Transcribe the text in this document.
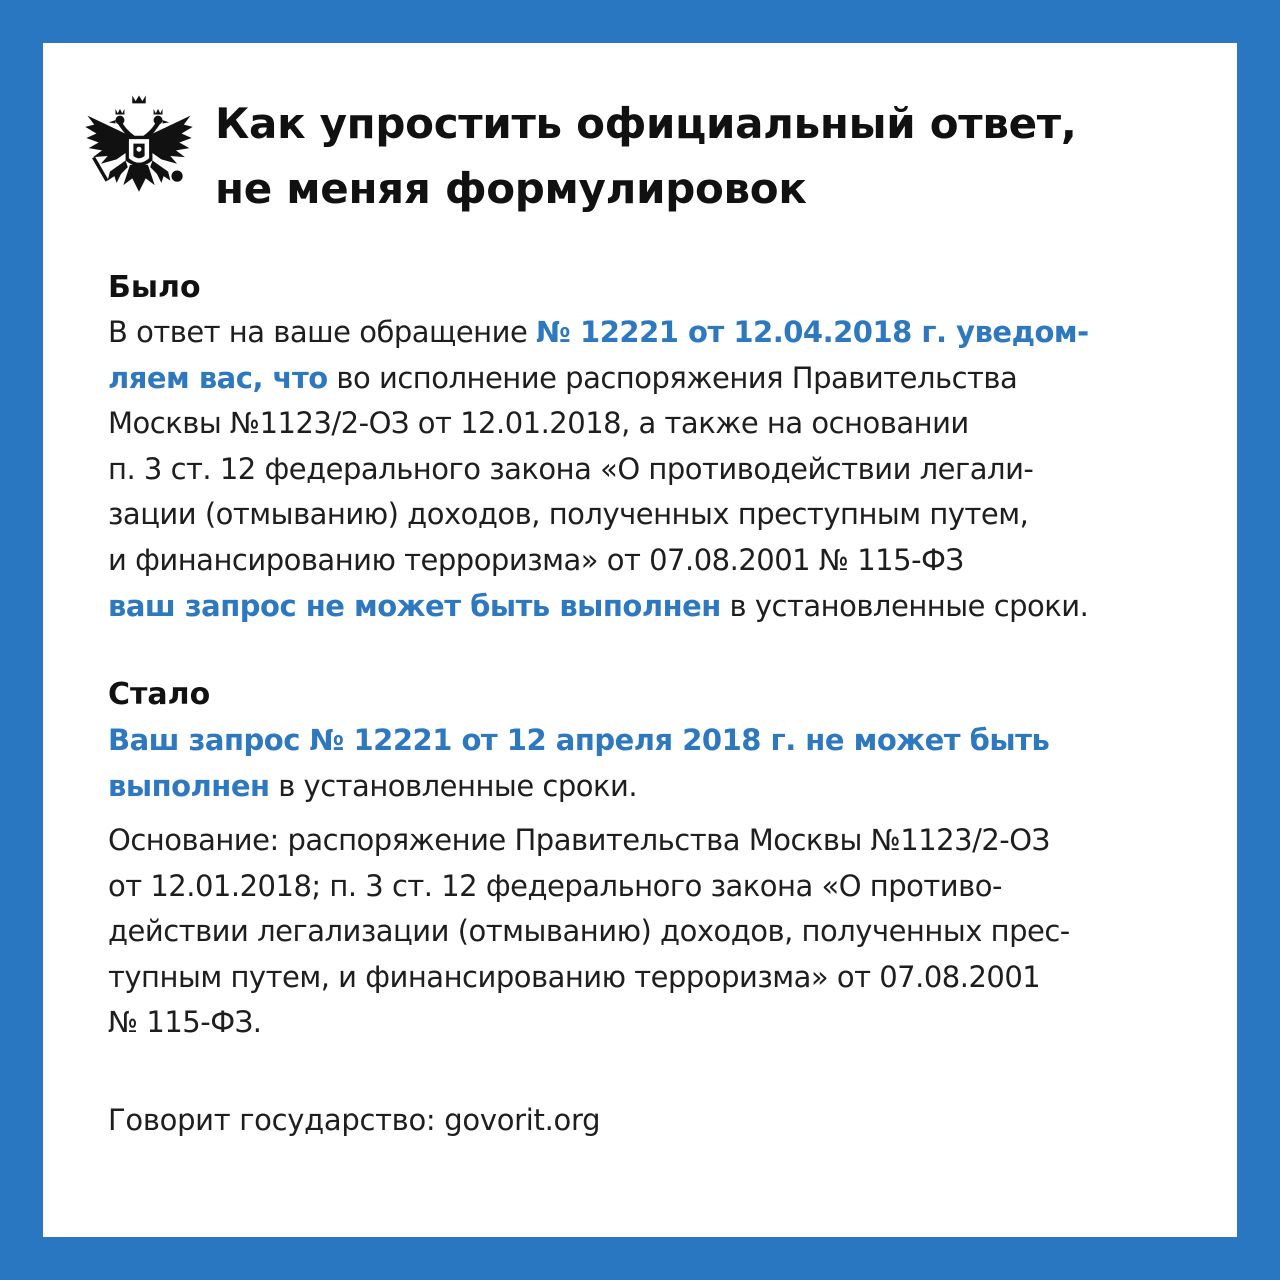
Как упростить официальный ответ,
не меняя формулировок
Было
В ответ на ваше обращение № 12221 от 12.04.2018 г. уведом-
ляем вас, что во исполнение распоряжения Правительства
Москвы №1123/2-ОЗ от 12.01.2018, а также на основании
п. 3 ст. 12 федерального закона «О противодействии легали-
зации (отмыванию) доходов, полученных преступным путем,
и финансированию терроризма» от 07.08.2001 № 115-ФЗ
ваш запрос не может быть выполнен в установленные сроки.
Стало
Ваш запрос № 12221 от 12 апреля 2018 г. не может быть
выполнен в установленные сроки.
Основание: распоряжение Правительства Москвы №1123/2-ОЗ
от 12.01.2018; п. 3 ст. 12 федерального закона «О противо-
действии легализации (отмыванию) доходов, полученных прес-
тупным путем, и финансированию терроризма» от 07.08.2001
№ 115-ФЗ.

Говорит государство: govorit.org
